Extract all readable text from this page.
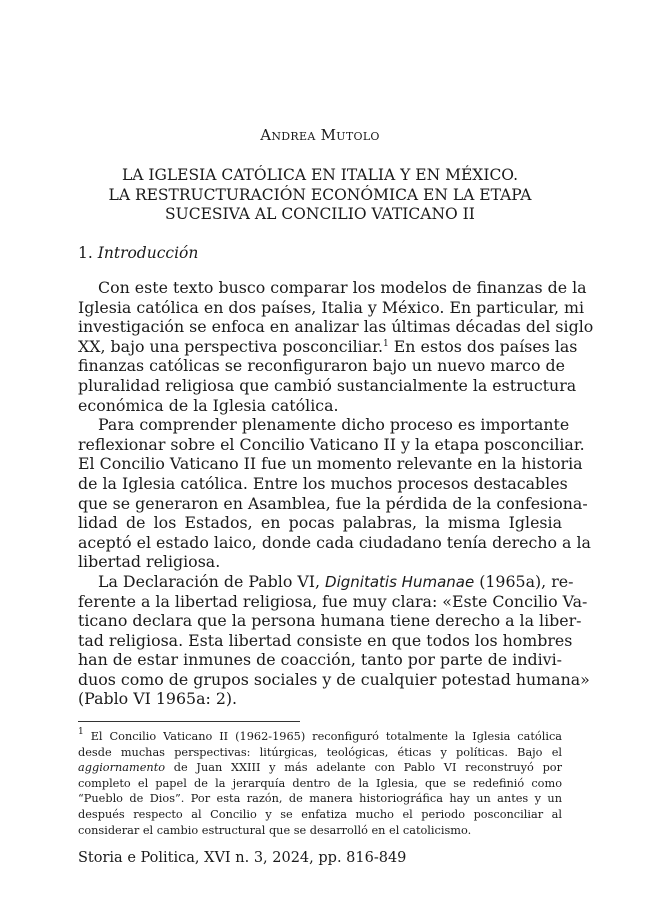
Andrea Mutolo
LA IGLESIA CATÓLICA EN ITALIA Y EN MÉXICO.
LA RESTRUCTURACIÓN ECONÓMICA EN LA ETAPA
SUCESIVA AL CONCILIO VATICANO II
1. Introducción
Con este texto busco comparar los modelos de finanzas de la
Iglesia católica en dos países, Italia y México. En particular, mi
investigación se enfoca en analizar las últimas décadas del siglo
XX, bajo una perspectiva posconciliar.$^1$ En estos dos países las
finanzas católicas se reconfiguraron bajo un nuevo marco de
pluralidad religiosa que cambió sustancialmente la estructura
económica de la Iglesia católica.
Para comprender plenamente dicho proceso es importante
reflexionar sobre el Concilio Vaticano II y la etapa posconciliar.
El Concilio Vaticano II fue un momento relevante en la historia
de la Iglesia católica. Entre los muchos procesos destacables
que se generaron en Asamblea, fue la pérdida de la confesiona-
lidad de los Estados, en pocas palabras, la misma Iglesia
aceptó el estado laico, donde cada ciudadano tenía derecho a la
libertad religiosa.
La Declaración de Pablo VI, Dignitatis Humanae (1965a), re-
ferente a la libertad religiosa, fue muy clara: «Este Concilio Va-
ticano declara que la persona humana tiene derecho a la liber-
tad religiosa. Esta libertad consiste en que todos los hombres
han de estar inmunes de coacción, tanto por parte de indivi-
duos como de grupos sociales y de cualquier potestad humana»
(Pablo VI 1965a: 2).
$^1$ El Concilio Vaticano II (1962-1965) reconfiguró totalmente la Iglesia católica
desde muchas perspectivas: litúrgicas, teológicas, éticas y políticas. Bajo el
aggiornamento de Juan XXIII y más adelante con Pablo VI reconstruyó por
completo el papel de la jerarquía dentro de la Iglesia, que se redefinió como
“Pueblo de Dios”. Por esta razón, de manera historiográfica hay un antes y un
después respecto al Concilio y se enfatiza mucho el periodo posconciliar al
considerar el cambio estructural que se desarrolló en el catolicismo.
Storia e Politica, XVI n. 3, 2024, pp. 816-849
